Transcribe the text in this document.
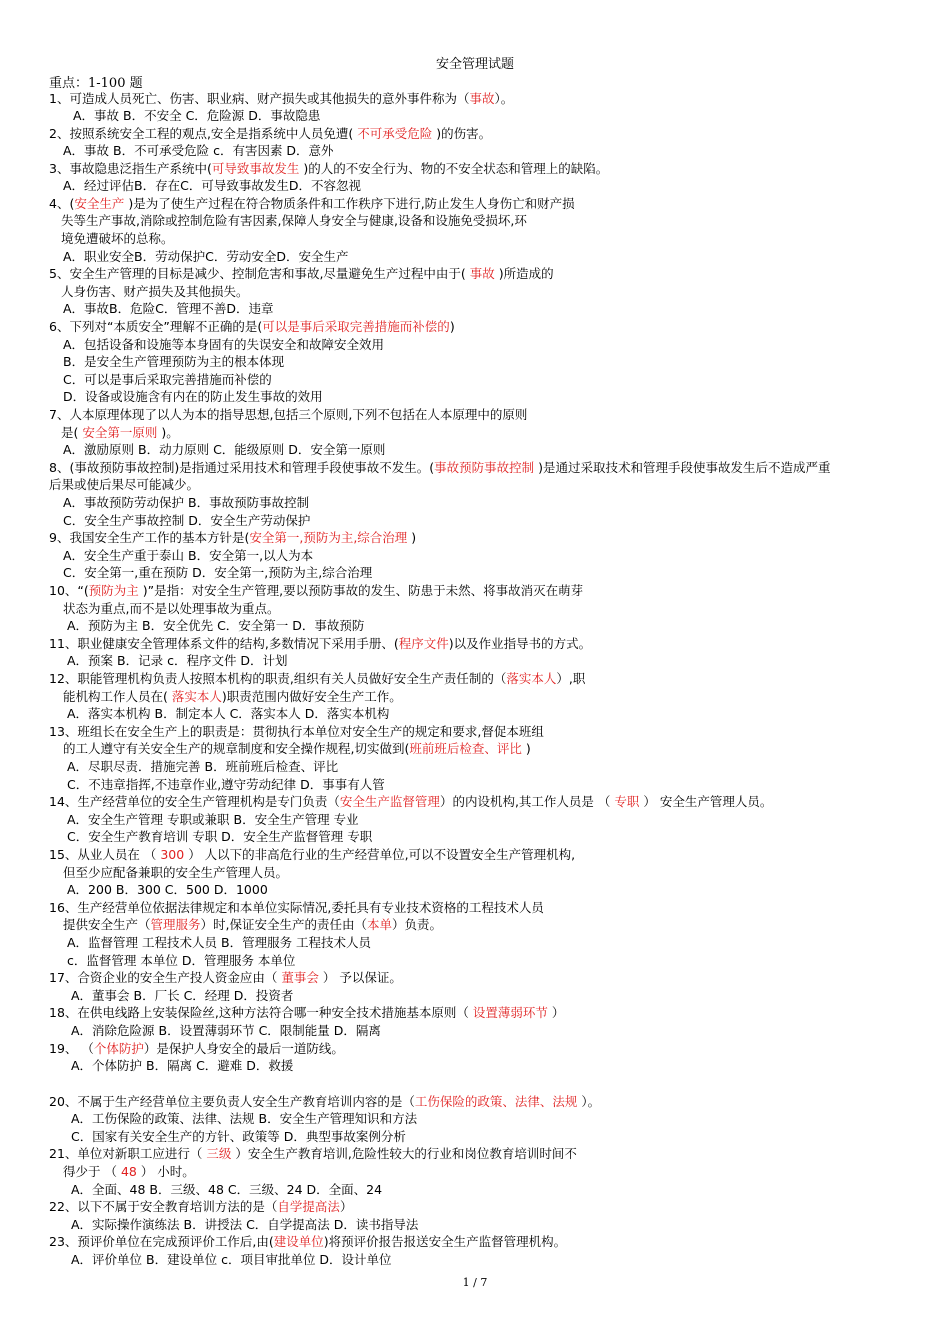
安全管理试题
重点：1-100 题
1、可造成人员死亡、伤害、职业病、财产损失或其他损失的意外事件称为（事故）。
A．事故 B．不安全 C．危险源 D．事故隐患
2、按照系统安全工程的观点,安全是指系统中人员免遭( 不可承受危险 )的伤害。
A．事故 B．不可承受危险 c．有害因素 D．意外
3、事故隐患泛指生产系统中(可导致事故发生 )的人的不安全行为、物的不安全状态和管理上的缺陷。
A．经过评估B．存在C．可导致事故发生D．不容忽视
4、(安全生产 )是为了使生产过程在符合物质条件和工作秩序下进行,防止发生人身伤亡和财产损
失等生产事故,消除或控制危险有害因素,保障人身安全与健康,设备和设施免受损坏,环
境免遭破坏的总称。
A．职业安全B．劳动保护C．劳动安全D．安全生产
5、安全生产管理的目标是减少、控制危害和事故,尽量避免生产过程中由于( 事故 )所造成的
人身伤害、财产损失及其他损失。
A．事故B．危险C．管理不善D．违章
6、下列对“本质安全”理解不正确的是(可以是事后采取完善措施而补偿的)
A．包括设备和设施等本身固有的失误安全和故障安全效用
B．是安全生产管理预防为主的根本体现
C．可以是事后采取完善措施而补偿的
D．设备或设施含有内在的防止发生事故的效用
7、人本原理体现了以人为本的指导思想,包括三个原则,下列不包括在人本原理中的原则
是( 安全第一原则 )。
A．激励原则 B．动力原则 C．能级原则 D．安全第一原则
8、(事故预防事故控制)是指通过采用技术和管理手段使事故不发生。(事故预防事故控制 )是通过采取技术和管理手段使事故发生后不造成严重
后果或使后果尽可能减少。
A．事故预防劳动保护 B．事故预防事故控制
C．安全生产事故控制 D．安全生产劳动保护
9、我国安全生产工作的基本方针是(安全第一,预防为主,综合治理 )
A．安全生产重于泰山 B．安全第一,以人为本
C．安全第一,重在预防 D．安全第一,预防为主,综合治理
10、“(预防为主 )”是指：对安全生产管理,要以预防事故的发生、防患于未然、将事故消灭在萌芽
状态为重点,而不是以处理事故为重点。
A．预防为主 B．安全优先 C．安全第一 D．事故预防
11、职业健康安全管理体系文件的结构,多数情况下采用手册、(程序文件)以及作业指导书的方式。
A．预案 B．记录 c．程序文件 D．计划
12、职能管理机构负责人按照本机构的职责,组织有关人员做好安全生产责任制的（落实本人）,职
能机构工作人员在( 落实本人)职责范围内做好安全生产工作。
A．落实本机构 B．制定本人 C．落实本人 D．落实本机构
13、班组长在安全生产上的职责是：贯彻执行本单位对安全生产的规定和要求,督促本班组
的工人遵守有关安全生产的规章制度和安全操作规程,切实做到(班前班后检查、评比 )
A．尽职尽责．措施完善 B．班前班后检查、评比
C．不违章指挥,不违章作业,遵守劳动纪律 D．事事有人管
14、生产经营单位的安全生产管理机构是专门负责（安全生产监督管理）的内设机构,其工作人员是 （ 专职 ） 安全生产管理人员。
A．安全生产管理 专职或兼职 B．安全生产管理 专业
C．安全生产教育培训 专职 D．安全生产监督管理 专职
15、从业人员在 （ 300 ） 人以下的非高危行业的生产经营单位,可以不设置安全生产管理机构,
但至少应配备兼职的安全生产管理人员。
A．200 B．300 C．500 D．1000
16、生产经营单位依据法律规定和本单位实际情况,委托具有专业技术资格的工程技术人员
提供安全生产（管理服务）时,保证安全生产的责任由（本单）负责。
A．监督管理 工程技术人员 B．管理服务 工程技术人员
c．监督管理 本单位 D．管理服务 本单位
17、合资企业的安全生产投人资金应由（ 董事会 ） 予以保证。
A．董事会 B．厂长 C．经理 D．投资者
18、在供电线路上安装保险丝,这种方法符合哪一种安全技术措施基本原则（ 设置薄弱环节 ）
A．消除危险源 B．设置薄弱环节 C．限制能量 D．隔离
19、 （个体防护）是保护人身安全的最后一道防线。
A．个体防护 B．隔离 C．避难 D．救援
20、不属于生产经营单位主要负责人安全生产教育培训内容的是（工伤保险的政策、法律、法规 ）。
A．工伤保险的政策、法律、法规 B．安全生产管理知识和方法
C．国家有关安全生产的方针、政策等 D．典型事故案例分析
21、单位对新职工应进行（ 三级 ）安全生产教育培训,危险性较大的行业和岗位教育培训时间不
得少于 （ 48 ） 小时。
A．全面、48 B．三级、48 C．三级、24 D．全面、24
22、以下不属于安全教育培训方法的是（自学提高法）
A．实际操作演练法 B．讲授法 C．自学提高法 D．读书指导法
23、预评价单位在完成预评价工作后,由(建设单位)将预评价报告报送安全生产监督管理机构。
A．评价单位 B．建设单位 c．项目审批单位 D．设计单位
1 / 7
